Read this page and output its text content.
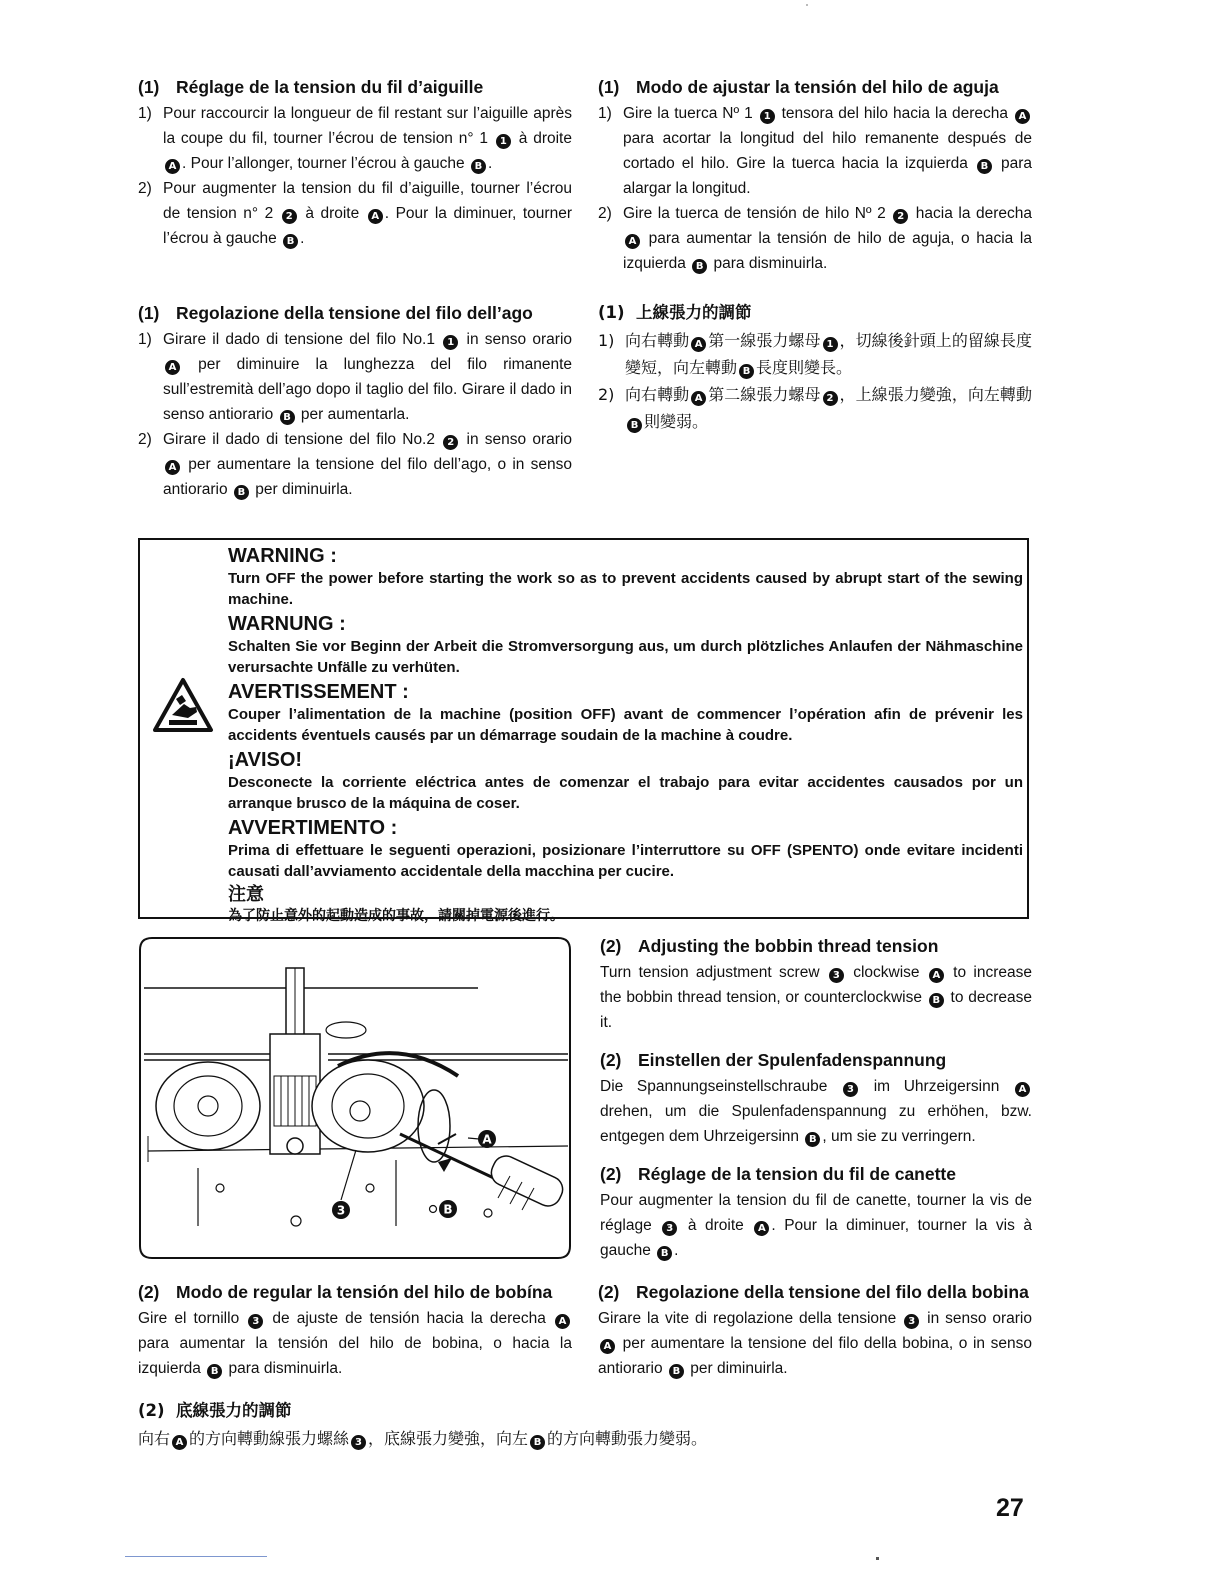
(1) Réglage de la tension du fil d’aiguille
1) Pour raccourcir la longueur de fil restant sur l’aiguille après la coupe du fil, tourner l’écrou de tension n° 1 1 à droite A . Pour l’allonger, tourner l’écrou à gauche B .
2) Pour augmenter la tension du fil d’aiguille, tourner l’écrou de tension n° 2 2 à droite A . Pour la diminuer, tourner l’écrou à gauche B .
(1) Modo de ajustar la tensión del hilo de aguja
1) Gire la tuerca Nº 1 1 tensora del hilo hacia la derecha A para acortar la longitud del hilo remanente después de cortado el hilo. Gire la tuerca hacia la izquierda B para alargar la longitud.
2) Gire la tuerca de tensión de hilo Nº 2 2 hacia la derecha A para aumentar la tensión de hilo de aguja, o hacia la izquierda B para disminuirla.
(1) Regolazione della tensione del filo dell’ago
1) Girare il dado di tensione del filo No.1 1 in senso orario A per diminuire la lunghezza del filo rimanente sull’estremità dell’ago dopo il taglio del filo. Girare il dado in senso antiorario B per aumentarla.
2) Girare il dado di tensione del filo No.2 2 in senso orario A per aumentare la tensione del filo dell’ago, o in senso antiorario B per diminuirla.
(1) 上線張力的調節
1) 向右轉動 A 第一線張力螺母 1 ，切線後針頭上的留線長度變短，向左轉動 B 長度則變長。
2) 向右轉動 A 第二線張力螺母 2 ，上線張力變強，向左轉動B 則變弱。
WARNING :
Turn OFF the power before starting the work so as to prevent accidents caused by abrupt start of the sewing machine.
WARNUNG :
Schalten Sie vor Beginn der Arbeit die Stromversorgung aus, um durch plötzliches Anlaufen der Nähmaschine verursachte Unfälle zu verhüten.
AVERTISSEMENT :
Couper l’alimentation de la machine (position OFF) avant de commencer l’opération afin de prévenir les accidents éventuels causés par un démarrage soudain de la machine à coudre.
¡AVISO!
Desconecte la corriente eléctrica antes de comenzar el trabajo para evitar accidentes causados por un arranque brusco de la máquina de coser.
AVVERTIMENTO :
Prima di effettuare le seguenti operazioni, posizionare l’interruttore su OFF (SPENTO) onde evitare incidenti causati dall’avviamento accidentale della macchina per cucire.
注意
為了防止意外的起動造成的事故，請關掉電源後進行。
A
3	B
(2) Adjusting the bobbin thread tension
Turn tension adjustment screw 3 clockwise A to increase the bobbin thread tension, or counterclockwise B to decrease it.
(2) Einstellen der Spulenfadenspannung
Die Spannungseinstellschraube 3 im Uhrzeigersinn A drehen, um die Spulenfadenspannung zu erhöhen, bzw. entgegen dem Uhrzeigersinn B , um sie zu verringern.
(2) Réglage de la tension du fil de canette
Pour augmenter la tension du fil de canette, tourner la vis de réglage 3 à droite A . Pour la diminuer, tourner la vis à gauche B .
(2) Modo de regular la tensión del hilo de bobína
Gire el tornillo 3 de ajuste de tensión hacia la derecha A para aumentar la tensión del hilo de bobina, o hacia la izquierda B para disminuirla.
(2) Regolazione della tensione del filo della bobina
Girare la vite di regolazione della tensione 3 in senso orario A per aumentare la tensione del filo della bobina, o in senso antiorario B per diminuirla.
(2) 底線張力的調節
向右 A 的方向轉動線張力螺絲 3 ，底線張力變強，向左 B 的方向轉動張力變弱。
27
